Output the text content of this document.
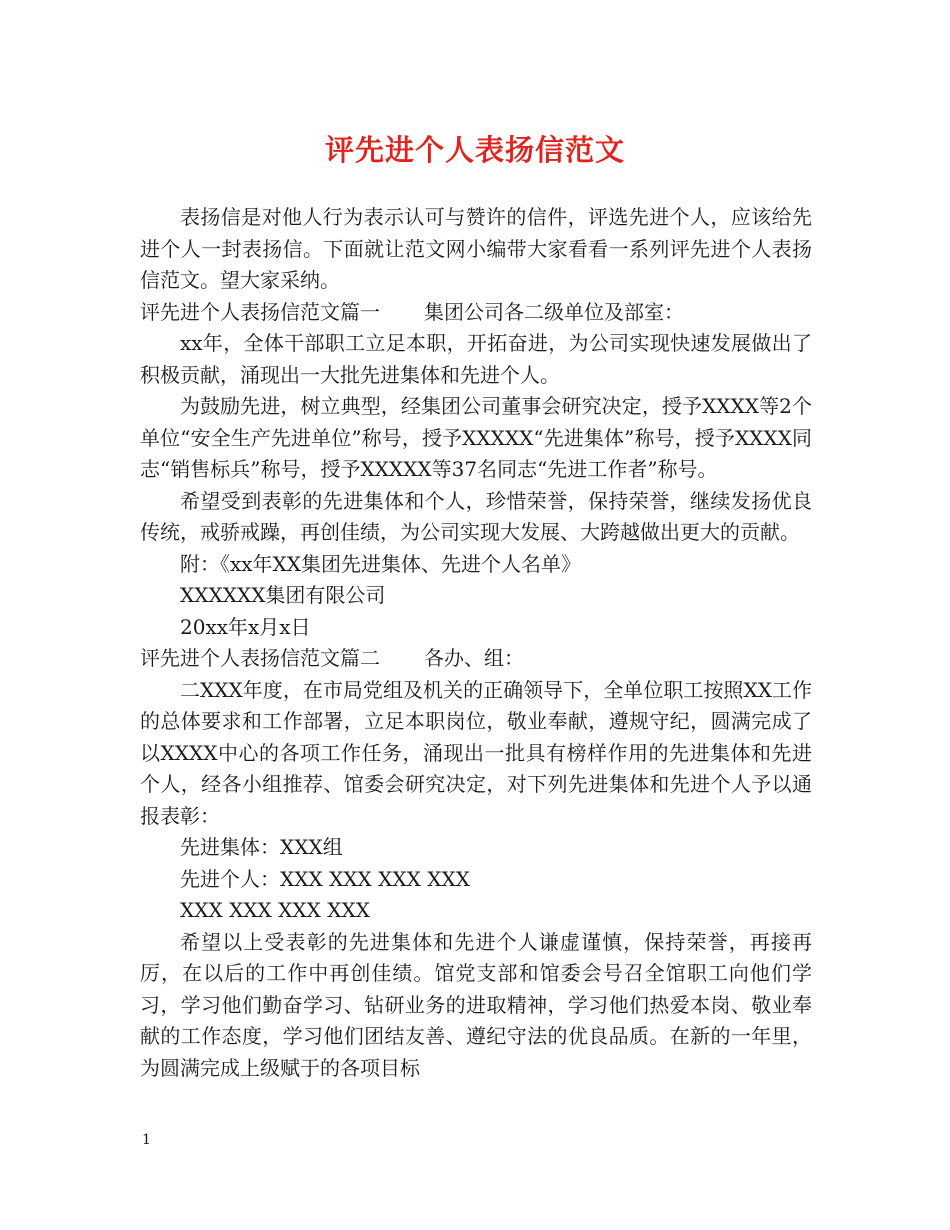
评先进个人表扬信范文

表扬信是对他人行为表示认可与赞许的信件，评选先进个人，应该给先进个人一封表扬信。下面就让范文网小编带大家看看一系列评先进个人表扬信范文。望大家采纳。

评先进个人表扬信范文篇一 集团公司各二级单位及部室：

xx年，全体干部职工立足本职，开拓奋进，为公司实现快速发展做出了积极贡献，涌现出一大批先进集体和先进个人。

为鼓励先进，树立典型，经集团公司董事会研究决定，授予XXXX等2个单位“安全生产先进单位”称号，授予XXXXX“先进集体”称号，授予XXXX同志“销售标兵”称号，授予XXXXX等37名同志“先进工作者”称号。

希望受到表彰的先进集体和个人，珍惜荣誉，保持荣誉，继续发扬优良传统，戒骄戒躁，再创佳绩，为公司实现大发展、大跨越做出更大的贡献。

附：《xx年XX集团先进集体、先进个人名单》

XXXXXX集团有限公司

20xx年x月x日

评先进个人表扬信范文篇二 各办、组：

二XXX年度，在市局党组及机关的正确领导下，全单位职工按照XX工作的总体要求和工作部署，立足本职岗位，敬业奉献，遵规守纪，圆满完成了以XXXX中心的各项工作任务，涌现出一批具有榜样作用的先进集体和先进个人，经各小组推荐、馆委会研究决定，对下列先进集体和先进个人予以通报表彰：

先进集体：XXX组

先进个人：XXX XXX XXX XXX

XXX XXX XXX XXX

希望以上受表彰的先进集体和先进个人谦虚谨慎，保持荣誉，再接再厉，在以后的工作中再创佳绩。馆党支部和馆委会号召全馆职工向他们学习，学习他们勤奋学习、钻研业务的进取精神，学习他们热爱本岗、敬业奉献的工作态度，学习他们团结友善、遵纪守法的优良品质。在新的一年里，为圆满完成上级赋于的各项目标

1
